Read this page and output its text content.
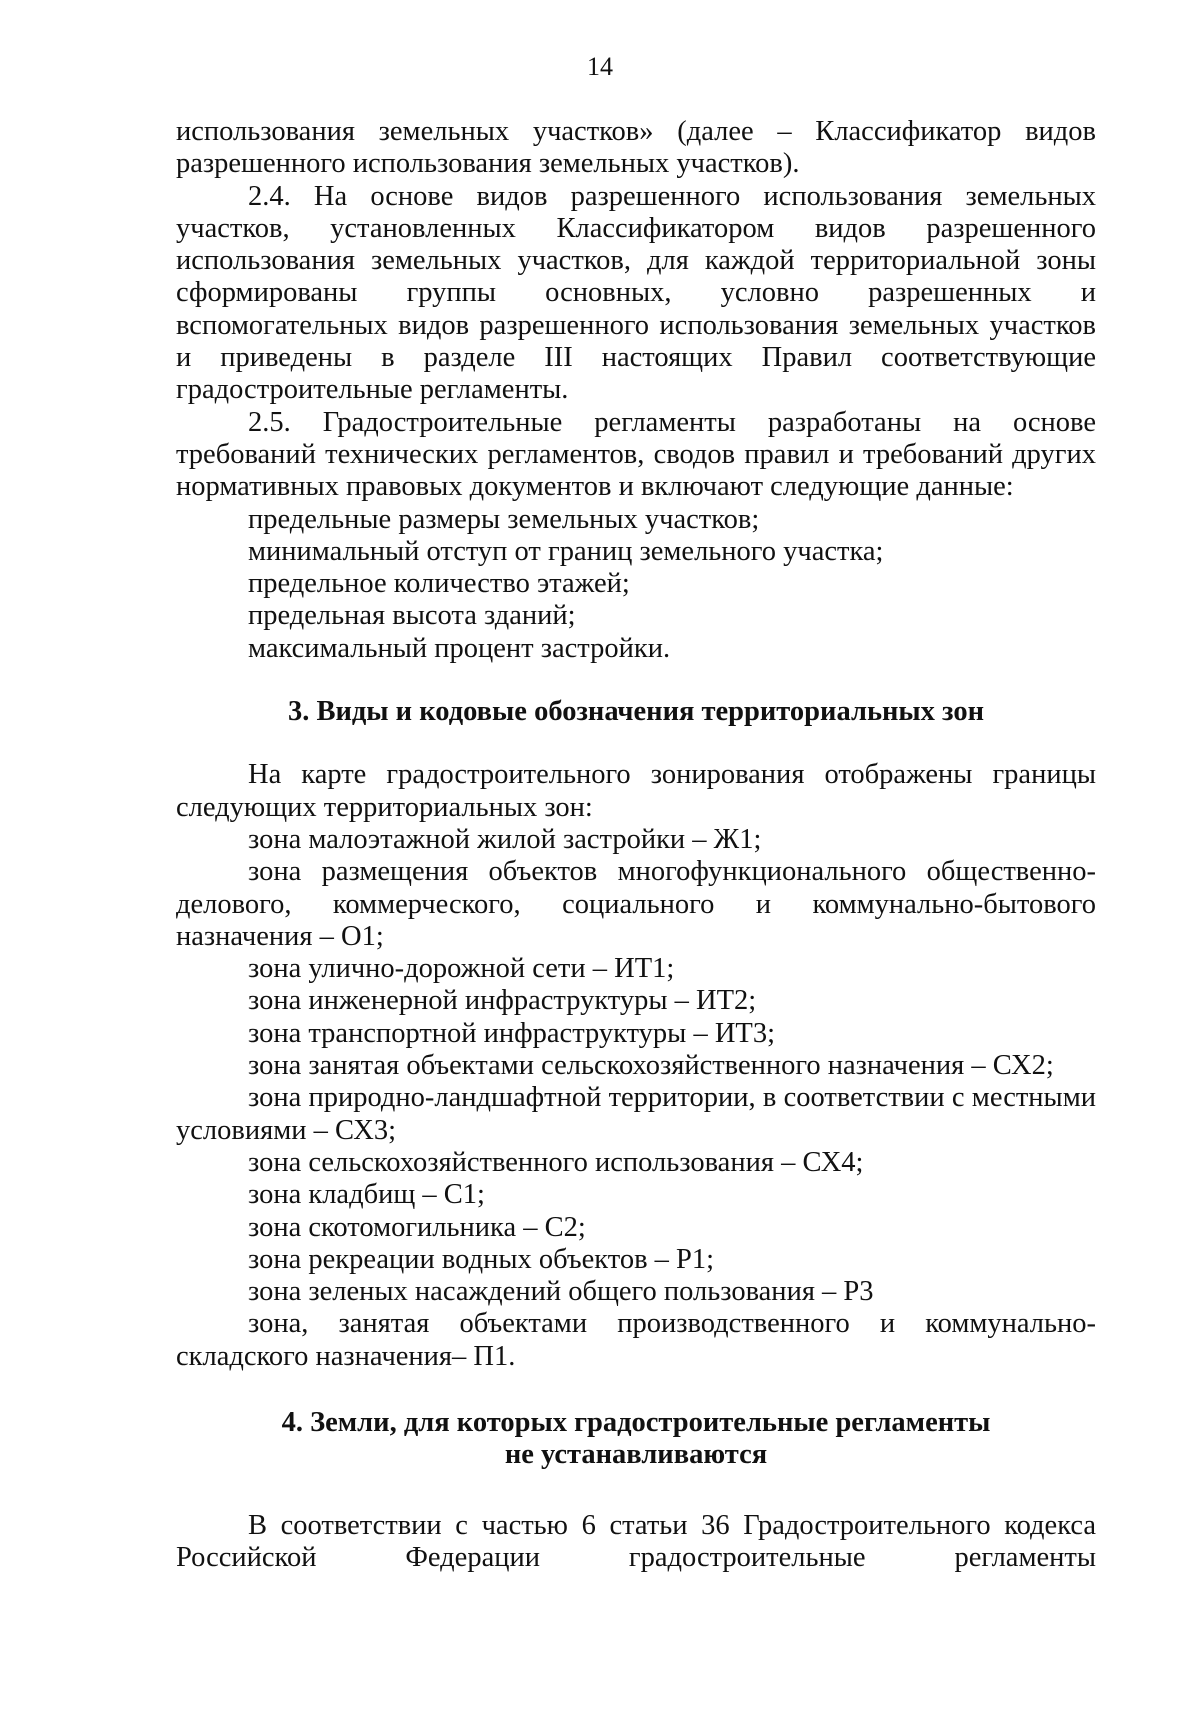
14

использования земельных участков» (далее – Классификатор видов разрешенного использования земельных участков).

2.4. На основе видов разрешенного использования земельных участков, установленных Классификатором видов разрешенного использования земельных участков, для каждой территориальной зоны сформированы группы основных, условно разрешенных и вспомогательных видов разрешенного использования земельных участков и приведены в разделе III настоящих Правил соответствующие градостроительные регламенты.

2.5. Градостроительные регламенты разработаны на основе требований технических регламентов, сводов правил и требований других нормативных правовых документов и включают следующие данные:

предельные размеры земельных участков;

минимальный отступ от границ земельного участка;

предельное количество этажей;

предельная высота зданий;

максимальный процент застройки.

3. Виды и кодовые обозначения территориальных зон

На карте градостроительного зонирования отображены границы следующих территориальных зон:

зона малоэтажной жилой застройки – Ж1;

зона размещения объектов многофункционального общественно-делового, коммерческого, социального и коммунально-бытового назначения – О1;

зона улично-дорожной сети – ИТ1;

зона инженерной инфраструктуры – ИТ2;

зона транспортной инфраструктуры – ИТ3;

зона занятая объектами сельскохозяйственного назначения – СХ2;

зона природно-ландшафтной территории, в соответствии с местными условиями – СХ3;

зона сельскохозяйственного использования – СХ4;

зона кладбищ – С1;

зона скотомогильника – С2;

зона рекреации водных объектов – Р1;

зона зеленых насаждений общего пользования – Р3

зона, занятая объектами производственного и коммунально-складского назначения– П1.

4. Земли, для которых градостроительные регламенты

не устанавливаются

В соответствии с частью 6 статьи 36 Градостроительного кодекса Российской Федерации градостроительные регламенты
